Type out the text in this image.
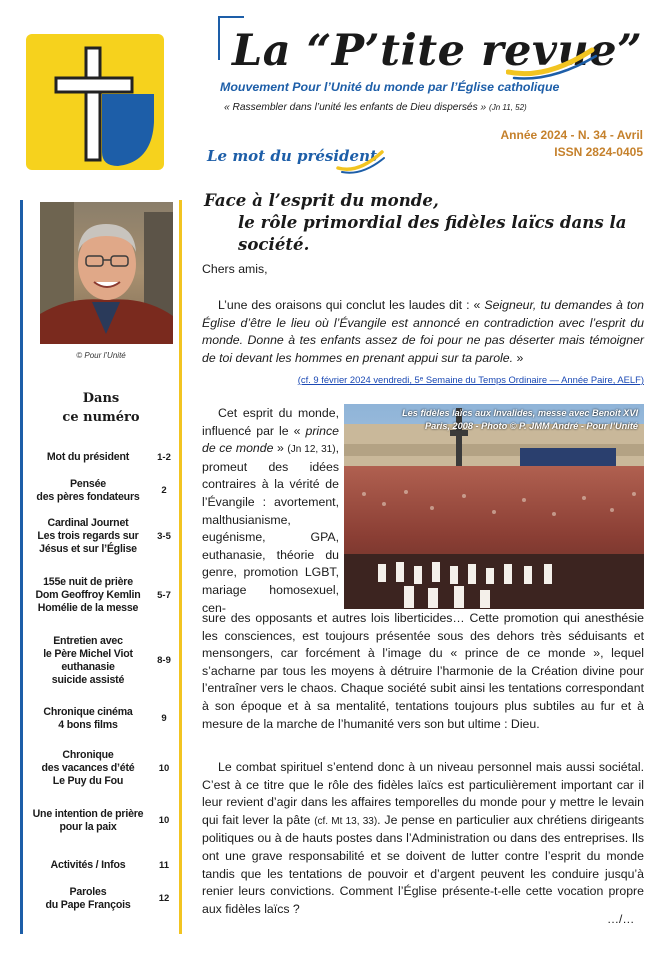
La “P’tite revue”
Mouvement Pour l’Unité du monde par l’Église catholique
« Rassembler dans l’unité les enfants de Dieu dispersés » (Jn 11, 52)
Année 2024 - N. 34 - Avril
ISSN 2824-0405
Le mot du président
© Pour l’Unité
Dans
ce numéro
Mot du président	1-2
Pensée
des pères fondateurs
2
Cardinal Journet
Les trois regards sur
Jésus et sur l’Église
3-5
155e nuit de prière
Dom Geoffroy Kemlin
Homélie de la messe
5-7
Entretien avec
le Père Michel Viot
euthanasie
suicide assisté
8-9
Chronique cinéma
4 bons films
9
Chronique
des vacances d’été
Le Puy du Fou
10
Une intention de prière
pour la paix
10
Activités / Infos	11
Paroles
du Pape François
12
Face à l’esprit du monde,
le rôle primordial des fidèles laïcs dans la société.
Chers amis,
L’une des oraisons qui conclut les laudes dit : « Seigneur, tu demandes à ton Église d’être le lieu où l’Évangile est annoncé en contradiction avec l’esprit du monde. Donne à tes enfants assez de foi pour ne pas déserter mais témoigner de toi devant les hommes en prenant appui sur ta parole. »
(cf. 9 février 2024 vendredi, 5ᵉ Semaine du Temps Ordinaire — Année Paire, AELF)
Cet esprit du monde, influencé par le « prince de ce monde » (Jn 12, 31), promeut des idées contraires à la vérité de l’Évangile : avortement, malthusianisme, eugénisme, GPA, euthanasie, théorie du genre, promotion LGBT, mariage homosexuel, cen-
Les fidèles laïcs aux Invalides, messe avec Benoît XVI
Paris, 2008 - Photo © P. JMM André - Pour l’Unité
sure des opposants et autres lois liberticides… Cette promotion qui anesthésie les consciences, est toujours présentée sous des dehors très séduisants et mensongers, car forcément à l’image du « prince de ce monde », lequel s’acharne par tous les moyens à détruire l’harmonie de la Création divine pour l’entraîner vers le chaos. Chaque société subit ainsi les tentations correspondant à son époque et à sa mentalité, tentations toujours plus subtiles au fur et à mesure de la marche de l’humanité vers son but ultime : Dieu.
Le combat spirituel s’entend donc à un niveau personnel mais aussi sociétal. C’est à ce titre que le rôle des fidèles laïcs est particulièrement important car il leur revient d’agir dans les affaires temporelles du monde pour y mettre le levain qui fait lever la pâte (cf. Mt 13, 33). Je pense en particulier aux chrétiens dirigeants politiques ou à de hauts postes dans l’Administration ou dans des entreprises. Ils ont une grave responsabilité et se doivent de lutter contre l’esprit du monde tandis que les tentations de pouvoir et d’argent peuvent les conduire jusqu’à renier leurs convictions. Comment l’Église présente-t-elle cette vocation propre aux fidèles laïcs ?
…/…
